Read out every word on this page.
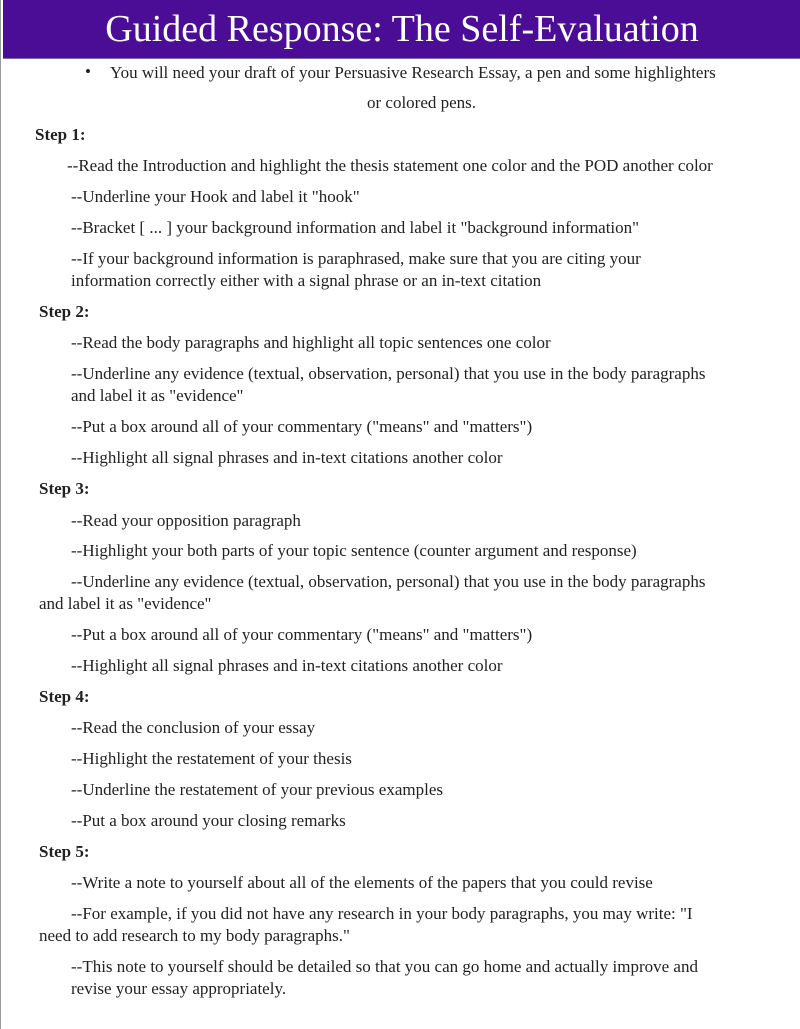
Guided Response: The Self-Evaluation
• You will need your draft of your Persuasive Research Essay, a pen and some highlighters
or colored pens.
Step 1:
--Read the Introduction and highlight the thesis statement one color and the POD another color
--Underline your Hook and label it "hook"
--Bracket [ ... ] your background information and label it "background information"
--If your background information is paraphrased, make sure that you are citing your
information correctly either with a signal phrase or an in-text citation
Step 2:
--Read the body paragraphs and highlight all topic sentences one color
--Underline any evidence (textual, observation, personal) that you use in the body paragraphs
and label it as "evidence"
--Put a box around all of your commentary ("means" and "matters")
--Highlight all signal phrases and in-text citations another color
Step 3:
--Read your opposition paragraph
--Highlight your both parts of your topic sentence (counter argument and response)
--Underline any evidence (textual, observation, personal) that you use in the body paragraphs
and label it as "evidence"
--Put a box around all of your commentary ("means" and "matters")
--Highlight all signal phrases and in-text citations another color
Step 4:
--Read the conclusion of your essay
--Highlight the restatement of your thesis
--Underline the restatement of your previous examples
--Put a box around your closing remarks
Step 5:
--Write a note to yourself about all of the elements of the papers that you could revise
--For example, if you did not have any research in your body paragraphs, you may write: "I
need to add research to my body paragraphs."
--This note to yourself should be detailed so that you can go home and actually improve and
revise your essay appropriately.
